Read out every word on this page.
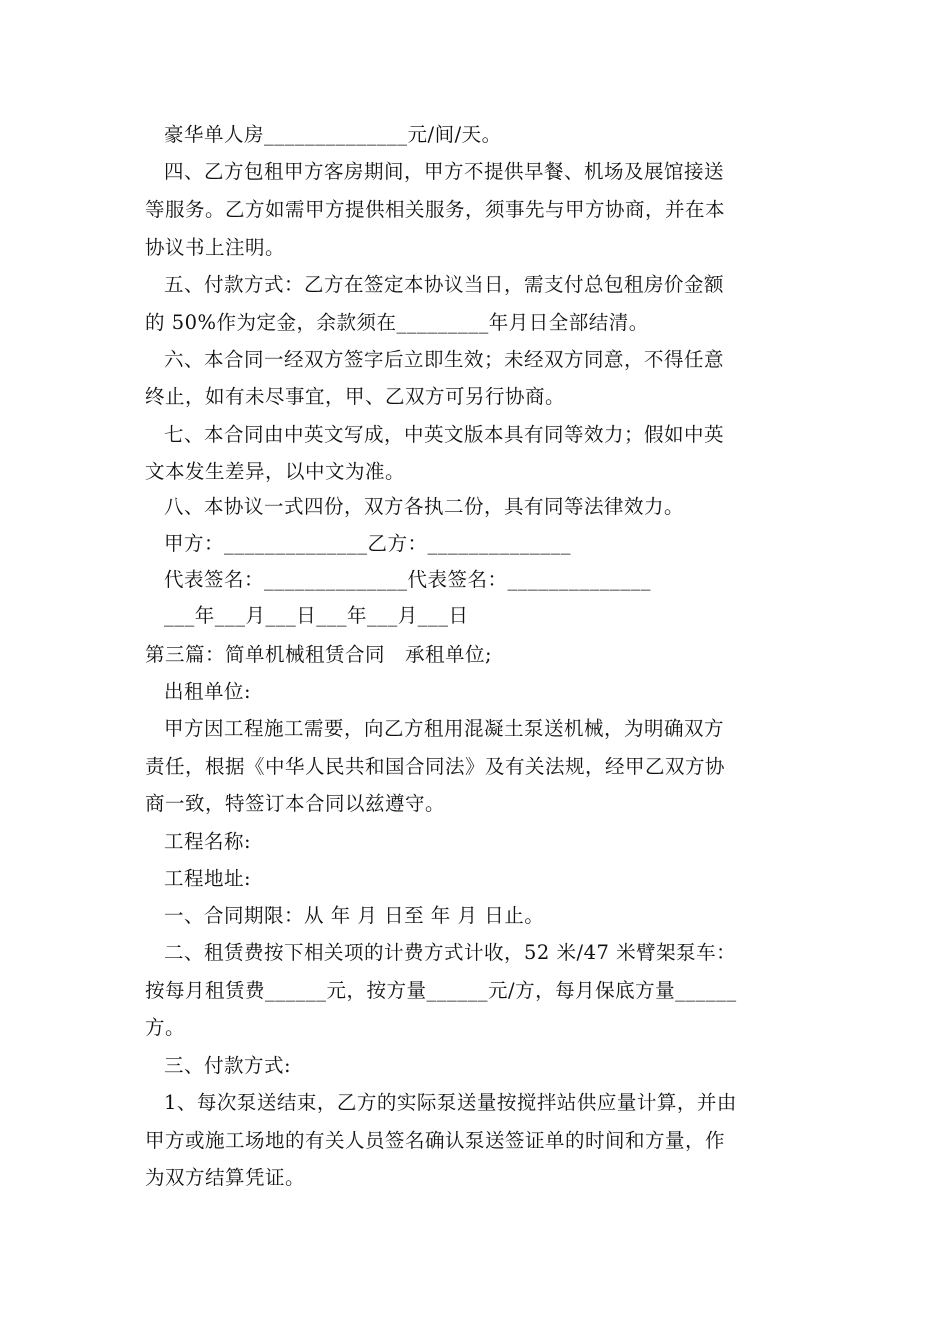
豪华单人房______________元/间/天。
四、乙方包租甲方客房期间，甲方不提供早餐、机场及展馆接送
等服务。乙方如需甲方提供相关服务，须事先与甲方协商，并在本
协议书上注明。
五、付款方式：乙方在签定本协议当日，需支付总包租房价金额
的 50%作为定金，余款须在_________年月日全部结清。
六、本合同一经双方签字后立即生效；未经双方同意，不得任意
终止，如有未尽事宜，甲、乙双方可另行协商。
七、本合同由中英文写成，中英文版本具有同等效力；假如中英
文本发生差异，以中文为准。
八、本协议一式四份，双方各执二份，具有同等法律效力。
甲方：______________乙方：______________
代表签名：______________代表签名：______________
___年___月___日___年___月___日
第三篇：简单机械租赁合同　承租单位;
出租单位:
甲方因工程施工需要，向乙方租用混凝土泵送机械，为明确双方
责任，根据《中华人民共和国合同法》及有关法规，经甲乙双方协
商一致，特签订本合同以兹遵守。
工程名称:
工程地址:
一、合同期限：从 年 月 日至 年 月 日止。
二、租赁费按下相关项的计费方式计收，52 米/47 米臂架泵车：
按每月租赁费______元，按方量______元/方，每月保底方量______
方。
三、付款方式:
1、每次泵送结束，乙方的实际泵送量按搅拌站供应量计算，并由
甲方或施工场地的有关人员签名确认泵送签证单的时间和方量，作
为双方结算凭证。
